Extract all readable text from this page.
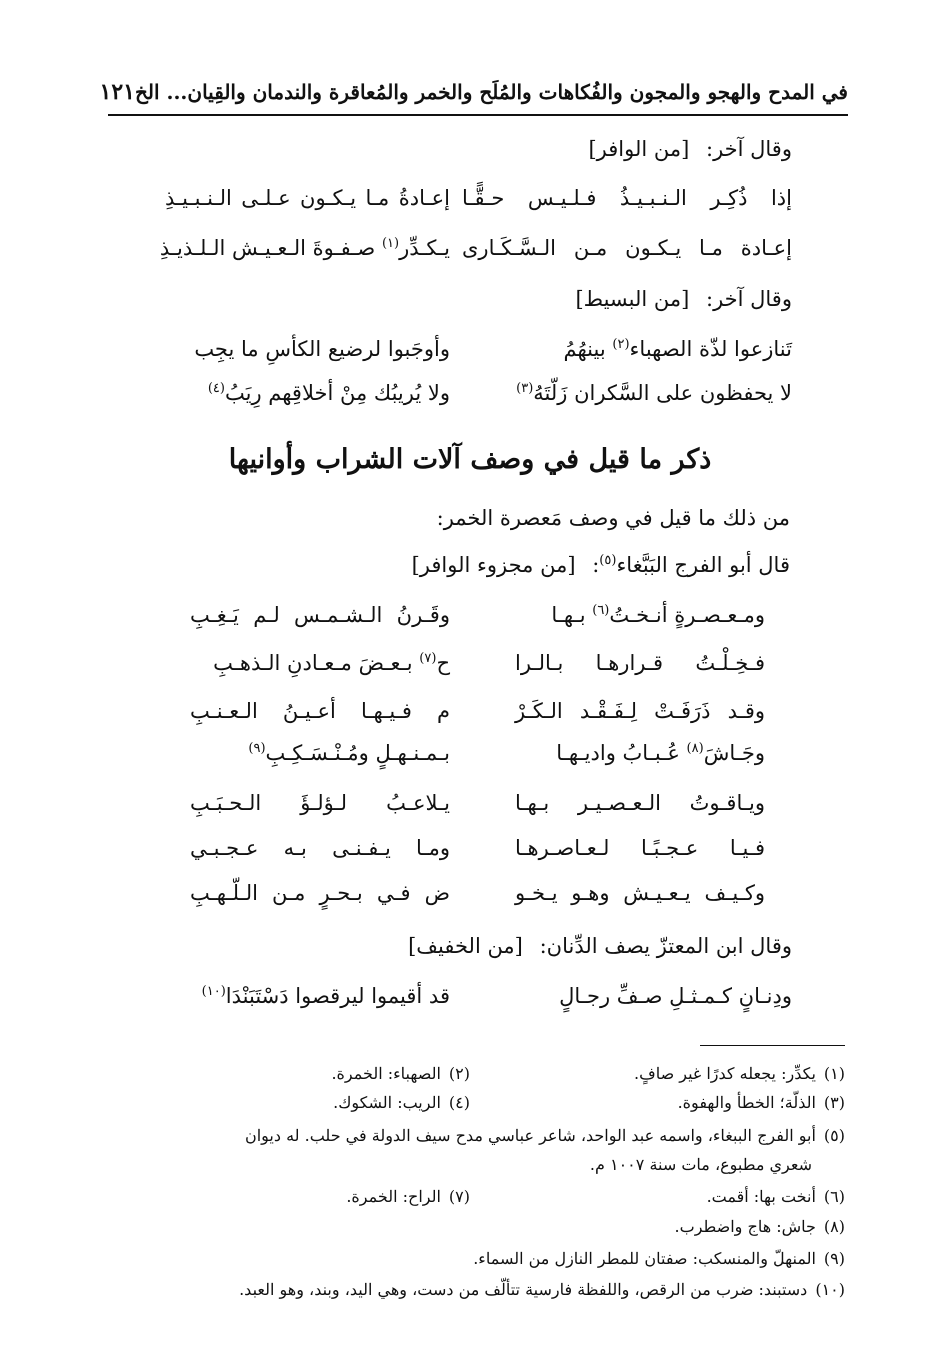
في المدح والهجو والمجون والفُكاهات والمُلَح والخمر والمُعاقرة والندمان والقِيان... الخ
١٢١
وقال آخر: [من الوافر]
إذا ذُكِـر الـنـبـيـذُ فـلـيـس حـقًّـا
إعـادةُ مـا يـكـون عـلـى الـنـبـيـذِ
إعـادة مـا يـكـون مـن الـسَّـكَـارى
يـكـدِّر$^{(١)}$ صـفـوةَ الـعـيـش الـلـذيـذِ
وقال آخر: [من البسيط]
تَنازعوا لذّة الصهباء$^{(٢)}$ بينهُمُ
وأوجَبوا لرضيع الكأسِ ما يجِب
لا يحفظون على السَّكران زَلّتَهُ$^{(٣)}$
ولا يُريبُك مِنْ أخلاقِهم رِيَبُ$^{(٤)}$
ذكر ما قيل في وصف آلات الشراب وأوانيها
من ذلك ما قيل في وصف مَعصرة الخمر:
قال أبو الفرج البَبَّغاء$^{(٥)}$: [من مجزوء الوافر]
ومـعـصـرةٍ أنـخـتُ$^{(٦)}$ بـهـا
وقَـرنُ الـشـمـس لـم يَـغِـبِ
فـخِـلْـتُ قـرارهـا بـالـرا
ح$^{(٧)}$ بـعـضَ مـعـادنِ الـذهـبِ
وقـد ذَرَفَـتْ لِـفَـقْـد الـكَـرْ
م فـيـهـا أعـيـنُ الـعـنـبِ
وجَـاشَ$^{(٨)}$ عُـبـابُ واديـهـا
بـمـنـهـلٍ ومُـنْـسَـكِـبِ$^{(٩)}$
ويـاقـوتُ الـعـصـيـر بـهـا
يـلاعـبُ لـؤلـؤَ الـحـبَـبِ
فـيـا عـجـبًـا لـعـاصـرهـا
ومـا يـفـنـى بـه عـجـبـي
وكـيـف يـعـيـش وهـو يـخـو
ض فـي بـحـرٍ مـن الـلّـهـبِ
وقال ابن المعتزّ يصف الدِّنان: [من الخفيف]
ودِنـانٍ كـمـثـلِ صـفِّ رجـالٍ
قد أقيموا ليرقصوا دَسْتَبَنْدَا$^{(١٠)}$
(١)يكدِّر: يجعله كدرًا غير صافٍ.
(٢)الصهباء: الخمرة.
(٣)الذلّة؛ الخطأ والهفوة.
(٤)الريب: الشكوك.
(٥)أبو الفرج الببغاء، واسمه عبد الواحد، شاعر عباسي مدح سيف الدولة في حلب. له ديوان
شعري مطبوع، مات سنة ١٠٠٧ م.
(٦)أنخت بها: أقمت.
(٧)الراح: الخمرة.
(٨)جاش: هاج واضطرب.
(٩)المنهلّ والمنسكب: صفتان للمطر النازل من السماء.
(١٠)دستبند: ضرب من الرقص، واللفظة فارسية تتألّف من دست، وهي اليد، وبند، وهو العبد.
